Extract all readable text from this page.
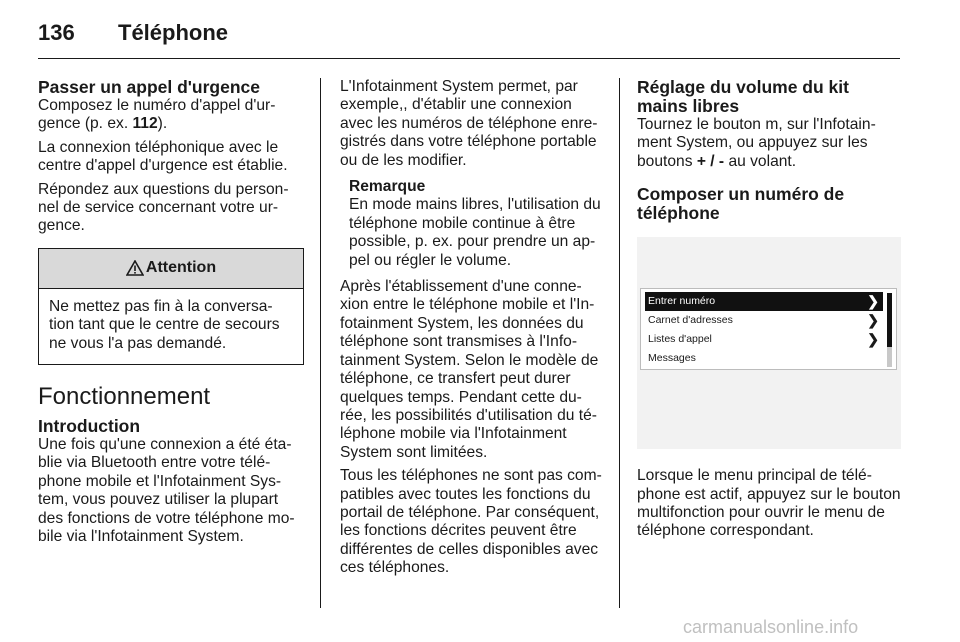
136 Téléphone
Passer un appel d'urgence

Composez le numéro d'appel d'ur-gence (p. ex. 112).

La connexion téléphonique avec le centre d'appel d'urgence est établie.

Répondez aux questions du person-nel de service concernant votre ur-gence.

Attention
Ne mettez pas fin à la conversa-tion tant que le centre de secours ne vous l'a pas demandé.
Fonctionnement
Introduction

Une fois qu'une connexion a été éta-blie via Bluetooth entre votre télé-phone mobile et l'Infotainment Sys-tem, vous pouvez utiliser la plupart des fonctions de votre téléphone mo-bile via l'Infotainment System.

L'Infotainment System permet, par exemple,, d'établir une connexion avec les numéros de téléphone enre-gistrés dans votre téléphone portable ou de les modifier.

Remarque
En mode mains libres, l'utilisation du téléphone mobile continue à être possible, p. ex. pour prendre un ap-pel ou régler le volume.

Après l'établissement d'une conne-xion entre le téléphone mobile et l'In-fotainment System, les données du téléphone sont transmises à l'Info-tainment System. Selon le modèle de téléphone, ce transfert peut durer quelques temps. Pendant cette du-rée, les possibilités d'utilisation du té-léphone mobile via l'Infotainment System sont limitées.

Tous les téléphones ne sont pas com-patibles avec toutes les fonctions du portail de téléphone. Par conséquent, les fonctions décrites peuvent être différentes de celles disponibles avec ces téléphones.

Réglage du volume du kit mains libres

Tournez le bouton m, sur l'Infotain-ment System, ou appuyez sur les boutons + / - au volant.

Composer un numéro de téléphone
Entrer numéro	❯
Carnet d'adresses	❯
Listes d'appel	❯
Messages

Lorsque le menu principal de télé-phone est actif, appuyez sur le bouton multifonction pour ouvrir le menu de téléphone correspondant.

carmanualsonline.info
